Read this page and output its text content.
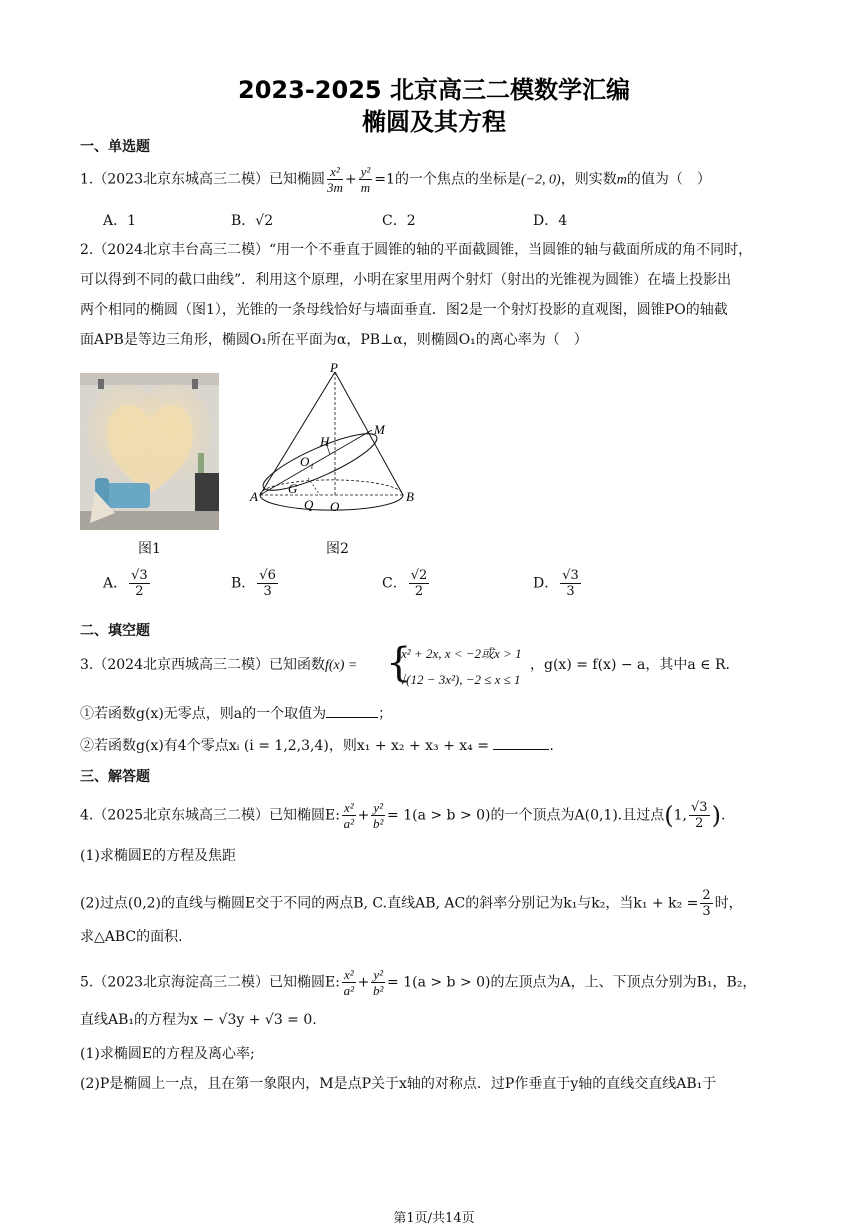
2023-2025 北京高三二模数学汇编
椭圆及其方程
一、单选题
1.（2023北京东城高三二模）已知椭圆 $\frac{\text{x²}}{3m} + \frac{\text{y²}}{m} =1$的一个焦点的坐标是(−2, 0)，则实数m的值为（　）
A．1	B．√2	C．2	D．4
2.（2024北京丰台高三二模）“用一个不垂直于圆锥的轴的平面截圆锥，当圆锥的轴与截面所成的角不同时，
可以得到不同的截口曲线”．利用这个原理，小明在家里用两个射灯（射出的光锥视为圆锥）在墙上投影出
两个相同的椭圆（图1），光锥的一条母线恰好与墙面垂直．图2是一个射灯投影的直观图，圆锥PO的轴截
面APB是等边三角形，椭圆O₁所在平面为α，PB⊥α，则椭圆O₁的离心率为（　）
图1
P
M
H
O₁
G
A	B
Q O
图2
A． $\frac{√3}{2}$	B． $\frac{√6}{3}$	C． $\frac{√2}{2}$	D． $\frac{√3}{3}$
二、填空题
3.（2024北京西城高三二模）已知函数f(x) = {
x² + 2x, x < −2或x > 1
√(12 − 3x²), −2 ≤ x ≤ 1
，g(x) = f(x) − a，其中a ∈ R．
①若函数g(x)无零点，则a的一个取值为	；
②若函数g(x)有4个零点xᵢ (i = 1,2,3,4)，则x₁ + x₂ + x₃ + x₄ =	.
三、解答题
4.（2025北京东城高三二模）已知椭圆E: $\frac{\text{x²}}{\text{a²}} + \frac{\text{y²}}{\text{b²}} = 1(a > b > 0)$的一个顶点为A(0,1).且过点(1, $\frac{√3}{2}$ ).
(1)求椭圆E的方程及焦距
(2)过点(0,2)的直线与椭圆E交于不同的两点B, C.直线AB, AC的斜率分别记为k₁与k₂，当$k_1 + k_2 = \frac{2}{3}$ 时，
求△ABC的面积.
5.（2023北京海淀高三二模）已知椭圆E: $\frac{\text{x²}}{\text{a²}} + \frac{\text{y²}}{\text{b²}} = 1(a > b > 0)$的左顶点为A，上、下顶点分别为B₁，B₂，
直线AB₁的方程为x − √3y + √3 = 0.
(1)求椭圆E的方程及离心率;
(2)P是椭圆上一点，且在第一象限内，M是点P关于x轴的对称点．过P作垂直于y轴的直线交直线AB₁于
第1页/共14页
